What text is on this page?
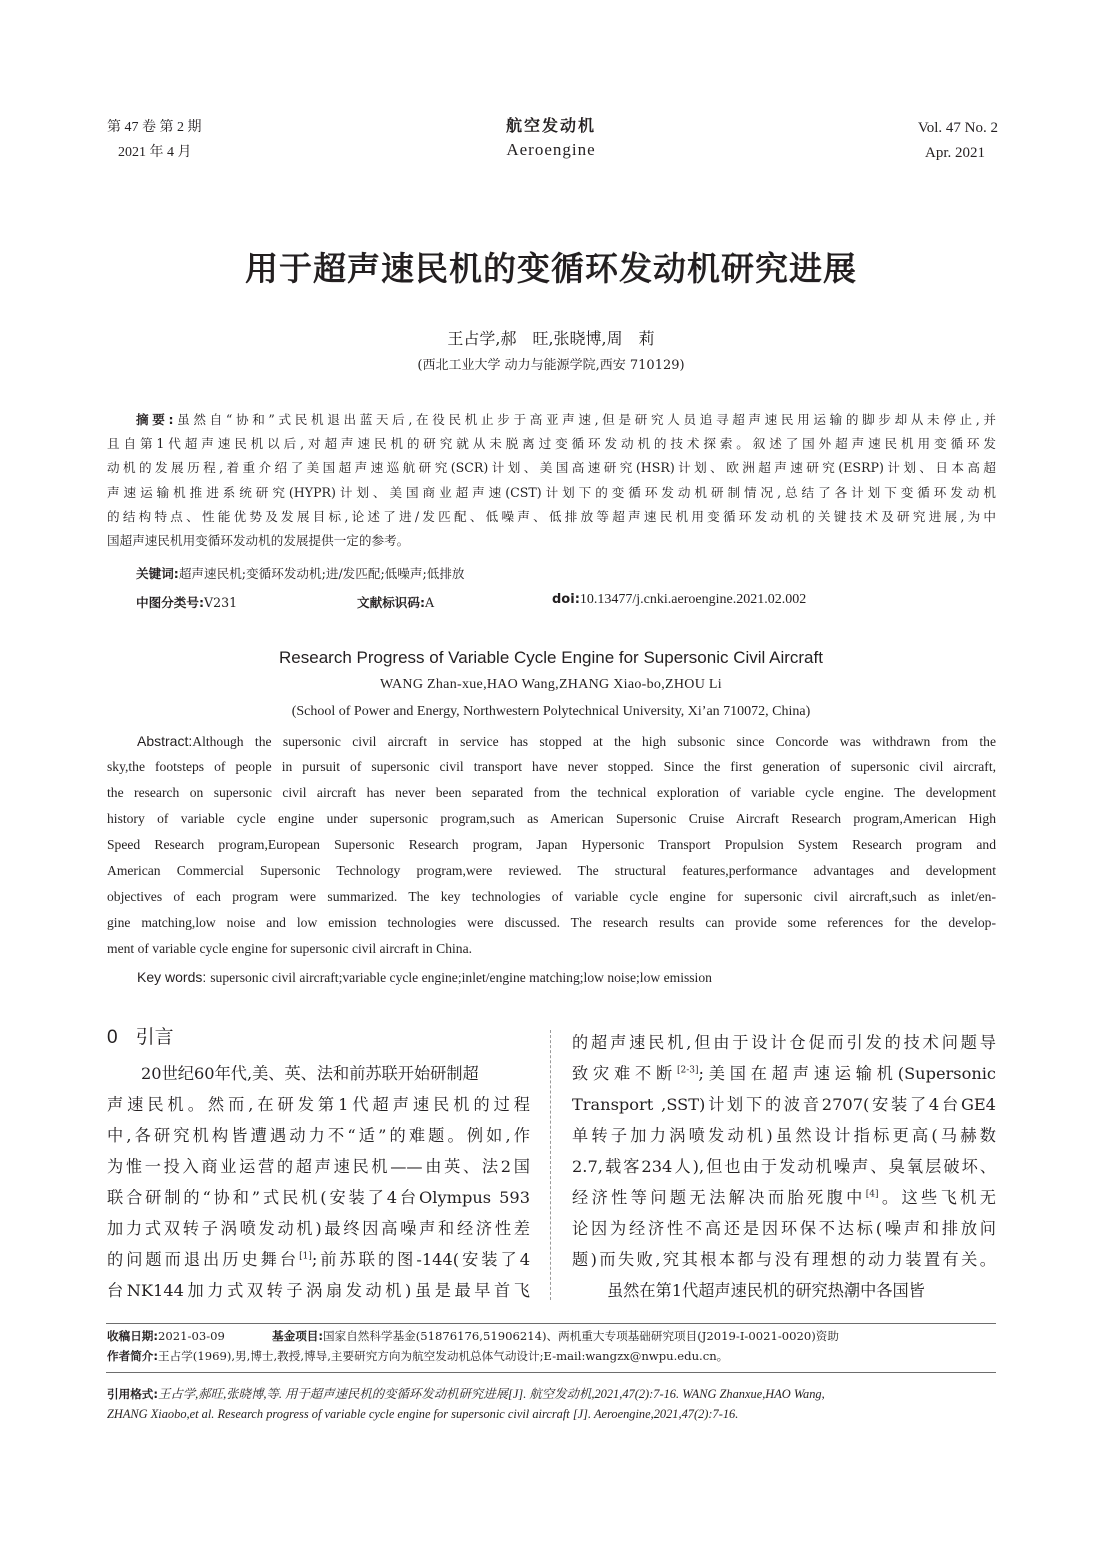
第 47 卷 第 2 期
2021 年 4 月
航空发动机
Aeroengine
Vol. 47 No. 2
Apr. 2021
用于超声速民机的变循环发动机研究进展
王占学,郝　旺,张晓博,周　莉
(西北工业大学 动力与能源学院,西安 710129)
摘要:虽然自“协和”式民机退出蓝天后,在役民机止步于高亚声速,但是研究人员追寻超声速民用运输的脚步却从未停止,并
且自第1代超声速民机以后,对超声速民机的研究就从未脱离过变循环发动机的技术探索。叙述了国外超声速民机用变循环发
动机的发展历程,着重介绍了美国超声速巡航研究(SCR)计划、美国高速研究(HSR)计划、欧洲超声速研究(ESRP)计划、日本高超
声速运输机推进系统研究(HYPR)计划、美国商业超声速(CST)计划下的变循环发动机研制情况,总结了各计划下变循环发动机
的结构特点、性能优势及发展目标,论述了进/发匹配、低噪声、低排放等超声速民机用变循环发动机的关键技术及研究进展,为中
国超声速民机用变循环发动机的发展提供一定的参考。
关键词:超声速民机;变循环发动机;进/发匹配;低噪声;低排放
中图分类号:V231	文献标识码:A	doi:10.13477/j.cnki.aeroengine.2021.02.002
Research Progress of Variable Cycle Engine for Supersonic Civil Aircraft
WANG Zhan-xue,HAO Wang,ZHANG Xiao-bo,ZHOU Li
(School of Power and Energy, Northwestern Polytechnical University, Xi’an 710072, China)
Abstract:Although the supersonic civil aircraft in service has stopped at the high subsonic since Concorde was withdrawn from the
sky,the footsteps of people in pursuit of supersonic civil transport have never stopped. Since the first generation of supersonic civil aircraft,
the research on supersonic civil aircraft has never been separated from the technical exploration of variable cycle engine. The development
history of variable cycle engine under supersonic program,such as American Supersonic Cruise Aircraft Research program,American High
Speed Research program,European Supersonic Research program, Japan Hypersonic Transport Propulsion System Research program and
American Commercial Supersonic Technology program,were reviewed. The structural features,performance advantages and development
objectives of each program were summarized. The key technologies of variable cycle engine for supersonic civil aircraft,such as inlet/en-
gine matching,low noise and low emission technologies were discussed. The research results can provide some references for the develop-
ment of variable cycle engine for supersonic civil aircraft in China.
Key words: supersonic civil aircraft;variable cycle engine;inlet/engine matching;low noise;low emission
0 引言
20世纪60年代,美、英、法和前苏联开始研制超
声速民机。然而,在研发第1代超声速民机的过程
中,各研究机构皆遭遇动力不“适”的难题。例如,作
为惟一投入商业运营的超声速民机——由英、法2国
联合研制的“协和”式民机(安装了4台Olympus 593
加力式双转子涡喷发动机)最终因高噪声和经济性差
的问题而退出历史舞台[1];前苏联的图-144(安装了4
台NK144加力式双转子涡扇发动机)虽是最早首飞
的超声速民机,但由于设计仓促而引发的技术问题导
致灾难不断[2-3];美国在超声速运输机(Supersonic
Transport ,SST)计划下的波音2707(安装了4台GE4
单转子加力涡喷发动机)虽然设计指标更高(马赫数
2.7,载客234人),但也由于发动机噪声、臭氧层破坏、
经济性等问题无法解决而胎死腹中[4]。这些飞机无
论因为经济性不高还是因环保不达标(噪声和排放问
题)而失败,究其根本都与没有理想的动力装置有关。
虽然在第1代超声速民机的研究热潮中各国皆
收稿日期:2021-03-09	基金项目:国家自然科学基金(51876176,51906214)、两机重大专项基础研究项目(J2019-I-0021-0020)资助
作者简介:王占学(1969),男,博士,教授,博导,主要研究方向为航空发动机总体气动设计;E-mail:wangzx@nwpu.edu.cn。
引用格式:王占学,郝旺,张晓博,等. 用于超声速民机的变循环发动机研究进展[J]. 航空发动机,2021,47(2):7-16. WANG Zhanxue,HAO Wang,
ZHANG Xiaobo,et al. Research progress of variable cycle engine for supersonic civil aircraft [J]. Aeroengine,2021,47(2):7-16.
